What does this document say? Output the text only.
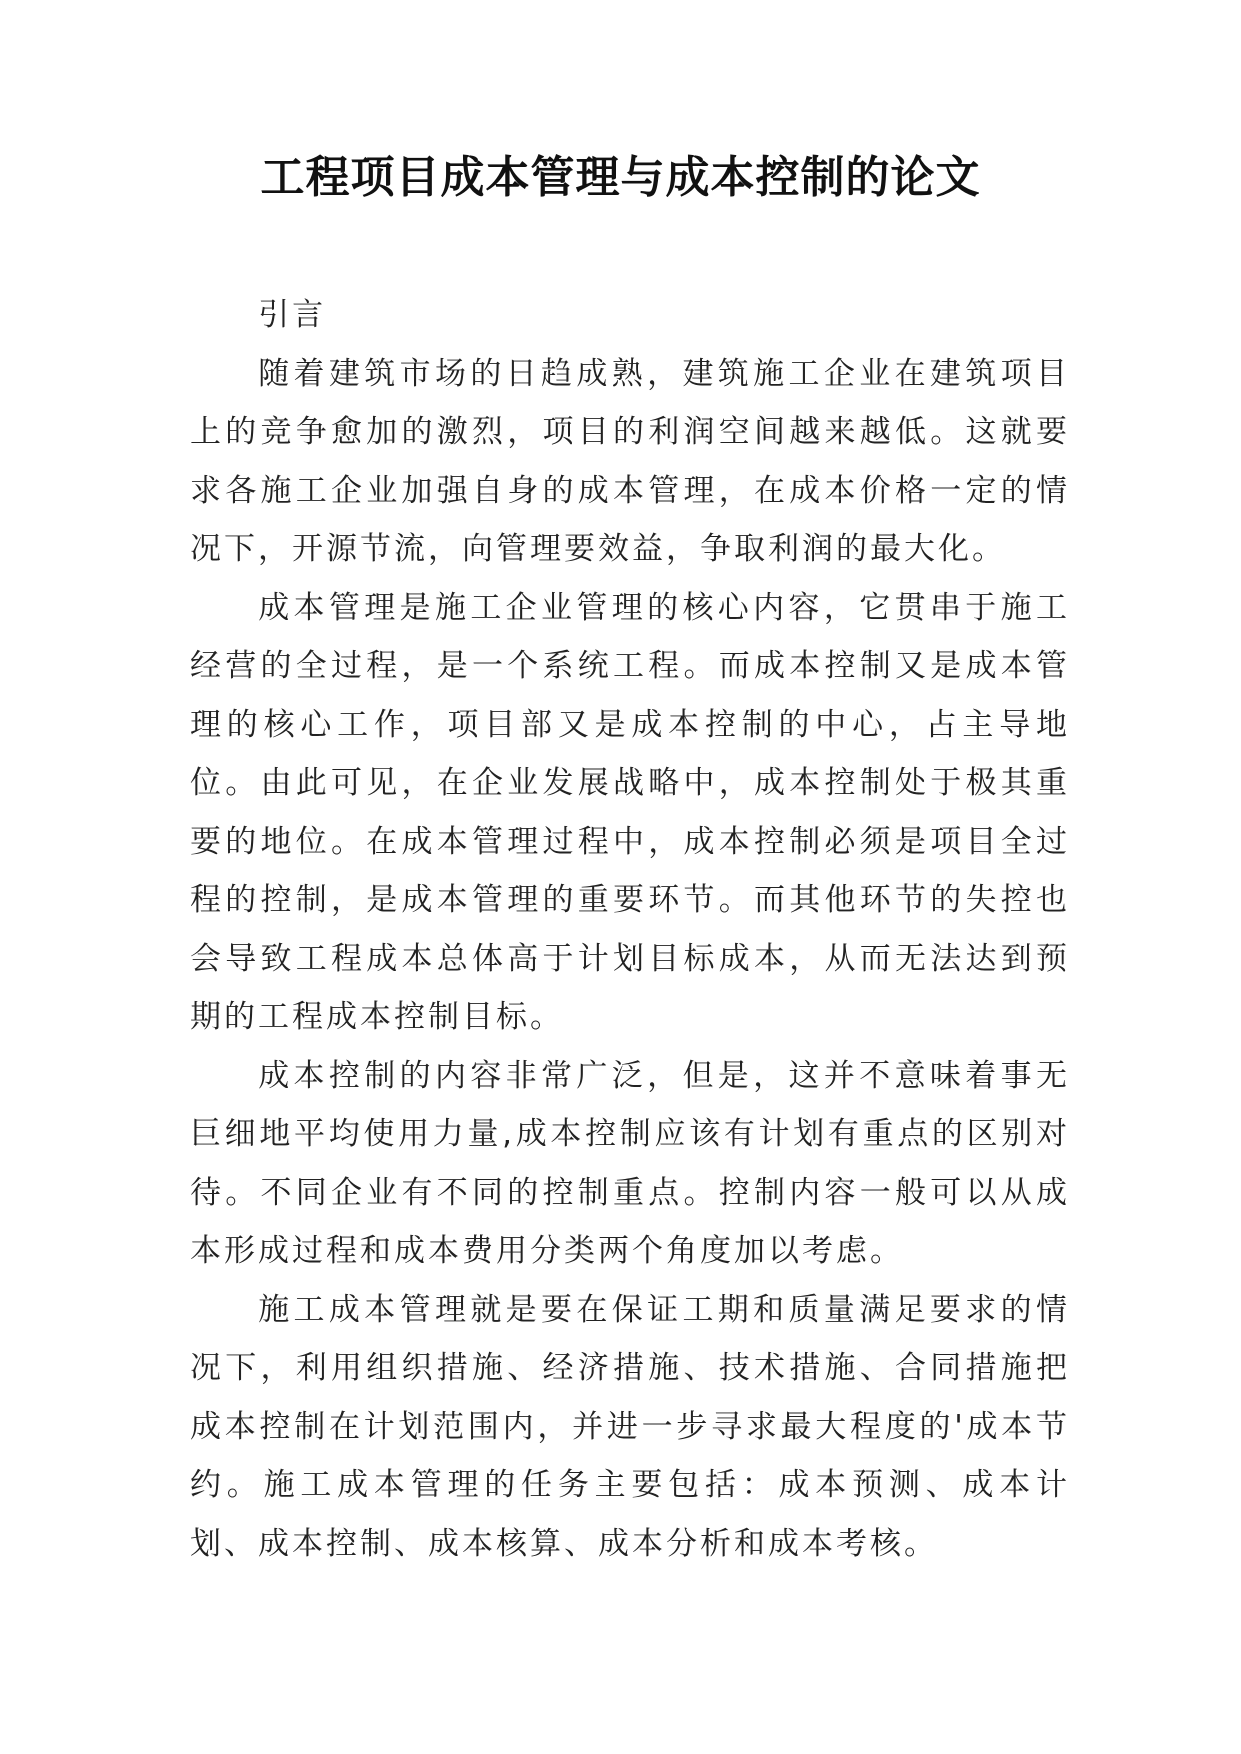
工程项目成本管理与成本控制的论文

引言

随着建筑市场的日趋成熟，建筑施工企业在建筑项目上的竞争愈加的激烈，项目的利润空间越来越低。这就要求各施工企业加强自身的成本管理，在成本价格一定的情况下，开源节流，向管理要效益，争取利润的最大化。

成本管理是施工企业管理的核心内容，它贯串于施工经营的全过程，是一个系统工程。而成本控制又是成本管理的核心工作，项目部又是成本控制的中心，占主导地位。由此可见，在企业发展战略中，成本控制处于极其重要的地位。在成本管理过程中，成本控制必须是项目全过程的控制，是成本管理的重要环节。而其他环节的失控也会导致工程成本总体高于计划目标成本，从而无法达到预期的工程成本控制目标。

成本控制的内容非常广泛，但是，这并不意味着事无巨细地平均使用力量,成本控制应该有计划有重点的区别对待。不同企业有不同的控制重点。控制内容一般可以从成本形成过程和成本费用分类两个角度加以考虑。

施工成本管理就是要在保证工期和质量满足要求的情况下，利用组织措施、经济措施、技术措施、合同措施把成本控制在计划范围内，并进一步寻求最大程度的'成本节约。施工成本管理的任务主要包括：成本预测、成本计划、成本控制、成本核算、成本分析和成本考核。
